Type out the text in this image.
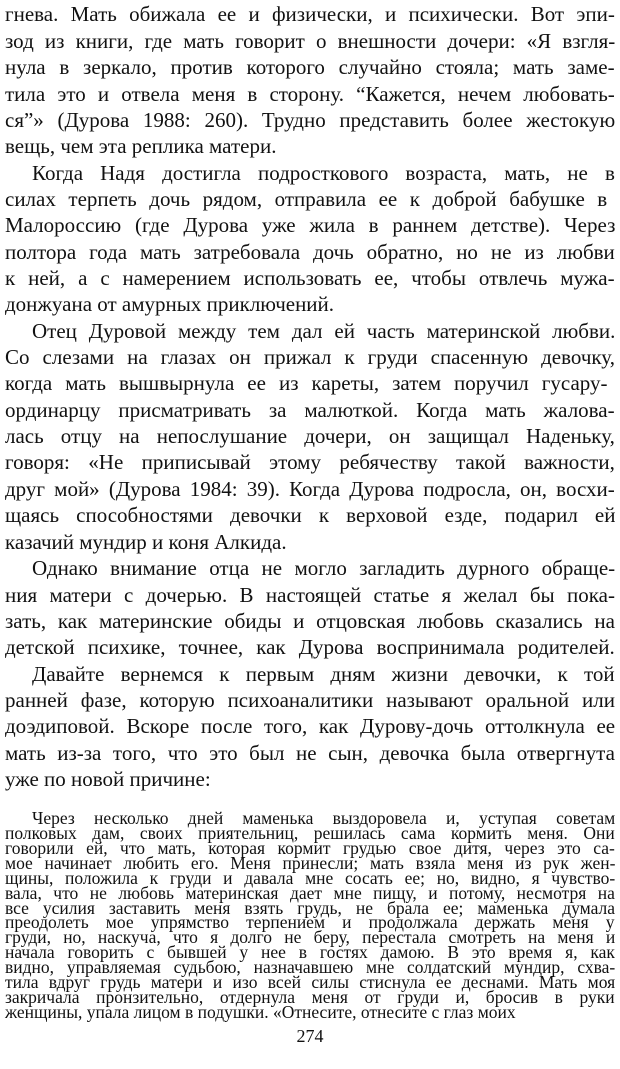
гнева. Мать обижала ее и физически, и психически. Вот эпи-
зод из книги, где мать говорит о внешности дочери: «Я взгля-
нула в зеркало, против которого случайно стояла; мать заме-
тила это и отвела меня в сторону. “Кажется, нечем любовать-
ся”» (Дурова 1988: 260). Трудно представить более жестокую
вещь, чем эта реплика матери.
Когда Надя достигла подросткового возраста, мать, не в
силах терпеть дочь рядом, отправила ее к доброй бабушке в
Малороссию (где Дурова уже жила в раннем детстве). Через
полтора года мать затребовала дочь обратно, но не из любви
к ней, а с намерением использовать ее, чтобы отвлечь мужа-
донжуана от амурных приключений.
Отец Дуровой между тем дал ей часть материнской любви.
Со слезами на глазах он прижал к груди спасенную девочку,
когда мать вышвырнула ее из кареты, затем поручил гусару-
ординарцу присматривать за малюткой. Когда мать жалова-
лась отцу на непослушание дочери, он защищал Наденьку,
говоря: «Не приписывай этому ребячеству такой важности,
друг мой» (Дурова 1984: 39). Когда Дурова подросла, он, восхи-
щаясь способностями девочки к верховой езде, подарил ей
казачий мундир и коня Алкида.
Однако внимание отца не могло загладить дурного обраще-
ния матери с дочерью. В настоящей статье я желал бы пока-
зать, как материнские обиды и отцовская любовь сказались на
детской психике, точнее, как Дурова воспринимала родителей.
Давайте вернемся к первым дням жизни девочки, к той
ранней фазе, которую психоаналитики называют оральной или
доэдиповой. Вскоре после того, как Дурову-дочь оттолкнула ее
мать из-за того, что это был не сын, девочка была отвергнута
уже по новой причине:
Через несколько дней маменька выздоровела и, уступая советам
полковых дам, своих приятельниц, решилась сама кормить меня. Они
говорили ей, что мать, которая кормит грудью свое дитя, через это са-
мое начинает любить его. Меня принесли; мать взяла меня из рук жен-
щины, положила к груди и давала мне сосать ее; но, видно, я чувство-
вала, что не любовь материнская дает мне пищу, и потому, несмотря на
все усилия заставить меня взять грудь, не брала ее; маменька думала
преодолеть мое упрямство терпением и продолжала держать меня у
груди, но, наскуча, что я долго не беру, перестала смотреть на меня и
начала говорить с бывшей у нее в гостях дамою. В это время я, как
видно, управляемая судьбою, назначавшею мне солдатский мундир, схва-
тила вдруг грудь матери и изо всей силы стиснула ее деснами. Мать моя
закричала пронзительно, отдернула меня от груди и, бросив в руки
женщины, упала лицом в подушки. «Отнесите, отнесите с глаз моих
274
